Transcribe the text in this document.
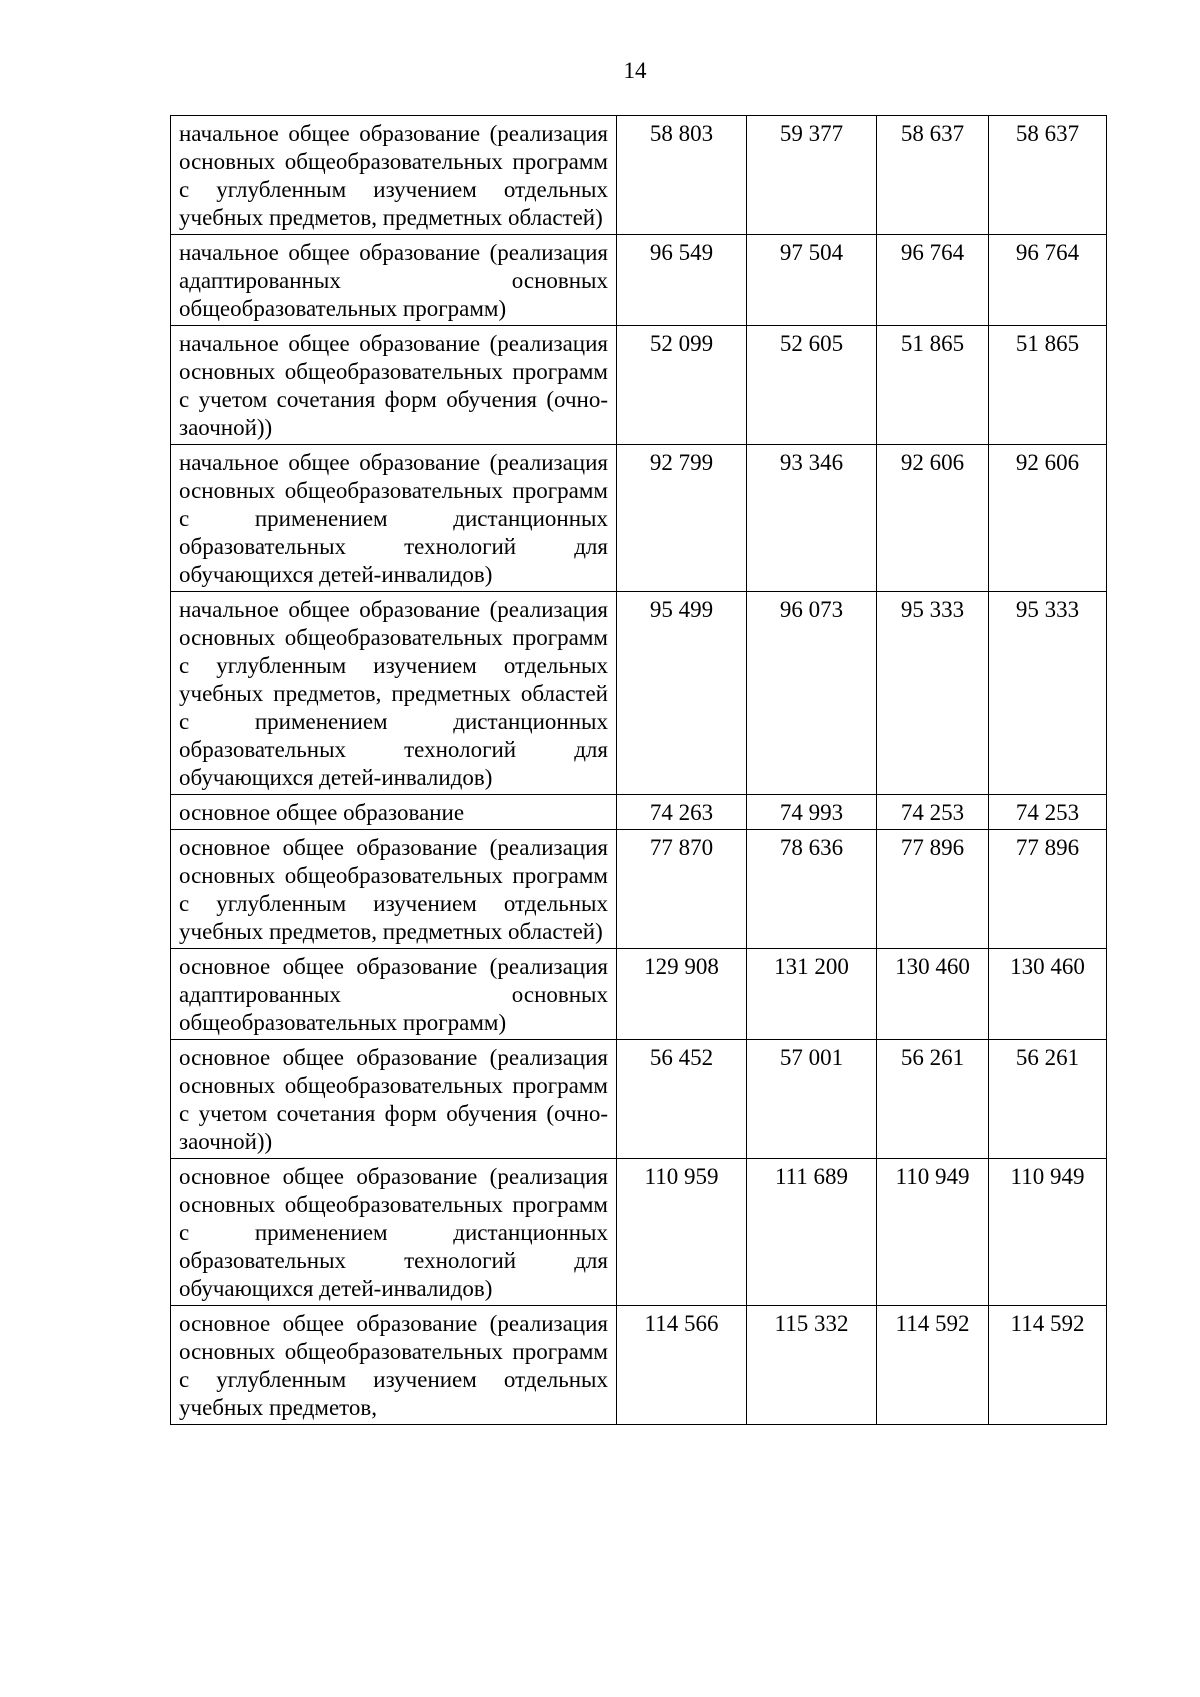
14
начальное общее образование (реализация основных общеобразовательных программ с углубленным изучением отдельных учебных предметов, предметных областей)	58 803	59 377	58 637	58 637
начальное общее образование (реализация адаптированных основных общеобразовательных программ)	96 549	97 504	96 764	96 764
начальное общее образование (реализация основных общеобразовательных программ с учетом сочетания форм обучения (очно-заочной))	52 099	52 605	51 865	51 865
начальное общее образование (реализация основных общеобразовательных программ с применением дистанционных образовательных технологий для обучающихся детей-инвалидов)	92 799	93 346	92 606	92 606
начальное общее образование (реализация основных общеобразовательных программ с углубленным изучением отдельных учебных предметов, предметных областей с применением дистанционных образовательных технологий для обучающихся детей-инвалидов)	95 499	96 073	95 333	95 333
основное общее образование	74 263	74 993	74 253	74 253
основное общее образование (реализация основных общеобразовательных программ с углубленным изучением отдельных учебных предметов, предметных областей)	77 870	78 636	77 896	77 896
основное общее образование (реализация адаптированных основных общеобразовательных программ)	129 908	131 200	130 460	130 460
основное общее образование (реализация основных общеобразовательных программ с учетом сочетания форм обучения (очно-заочной))	56 452	57 001	56 261	56 261
основное общее образование (реализация основных общеобразовательных программ с применением дистанционных образовательных технологий для обучающихся детей-инвалидов)	110 959	111 689	110 949	110 949
основное общее образование (реализация основных общеобразовательных программ с углубленным изучением отдельных учебных предметов,	114 566	115 332	114 592	114 592
